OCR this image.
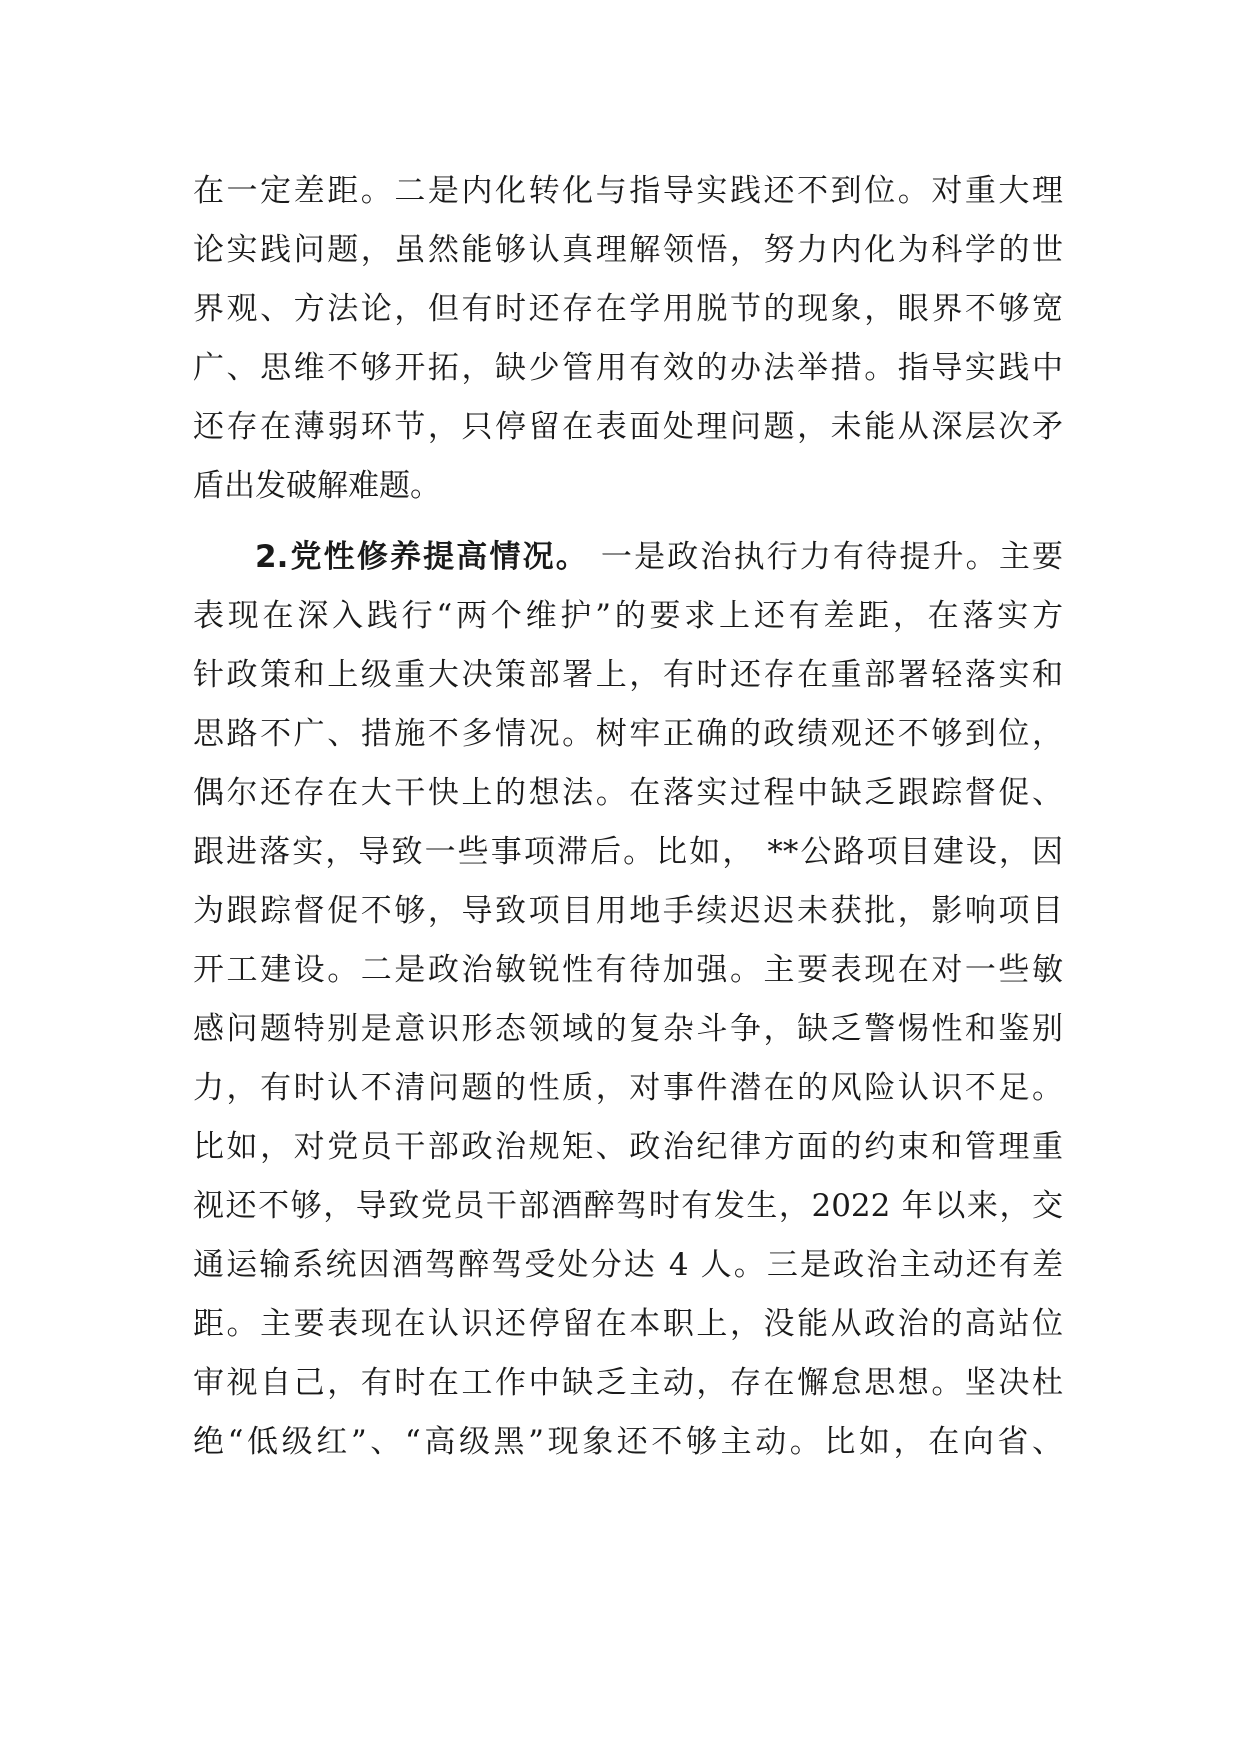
在一定差距。二是内化转化与指导实践还不到位。对重大理
论实践问题，虽然能够认真理解领悟，努力内化为科学的世
界观、方法论，但有时还存在学用脱节的现象，眼界不够宽
广、思维不够开拓，缺少管用有效的办法举措。指导实践中
还存在薄弱环节，只停留在表面处理问题，未能从深层次矛
盾出发破解难题。
2.党性修养提高情况。 一是政治执行力有待提升。主要
表现在深入践行“两个维护”的要求上还有差距，在落实方
针政策和上级重大决策部署上，有时还存在重部署轻落实和
思路不广、措施不多情况。树牢正确的政绩观还不够到位，
偶尔还存在大干快上的想法。在落实过程中缺乏跟踪督促、
跟进落实，导致一些事项滞后。比如， **公路项目建设，因
为跟踪督促不够，导致项目用地手续迟迟未获批，影响项目
开工建设。二是政治敏锐性有待加强。主要表现在对一些敏
感问题特别是意识形态领域的复杂斗争，缺乏警惕性和鉴别
力，有时认不清问题的性质，对事件潜在的风险认识不足。
比如，对党员干部政治规矩、政治纪律方面的约束和管理重
视还不够，导致党员干部酒醉驾时有发生，2022 年以来，交
通运输系统因酒驾醉驾受处分达 4 人。三是政治主动还有差
距。主要表现在认识还停留在本职上，没能从政治的高站位
审视自己，有时在工作中缺乏主动，存在懈怠思想。坚决杜
绝“低级红”、“高级黑”现象还不够主动。比如，在向省、
